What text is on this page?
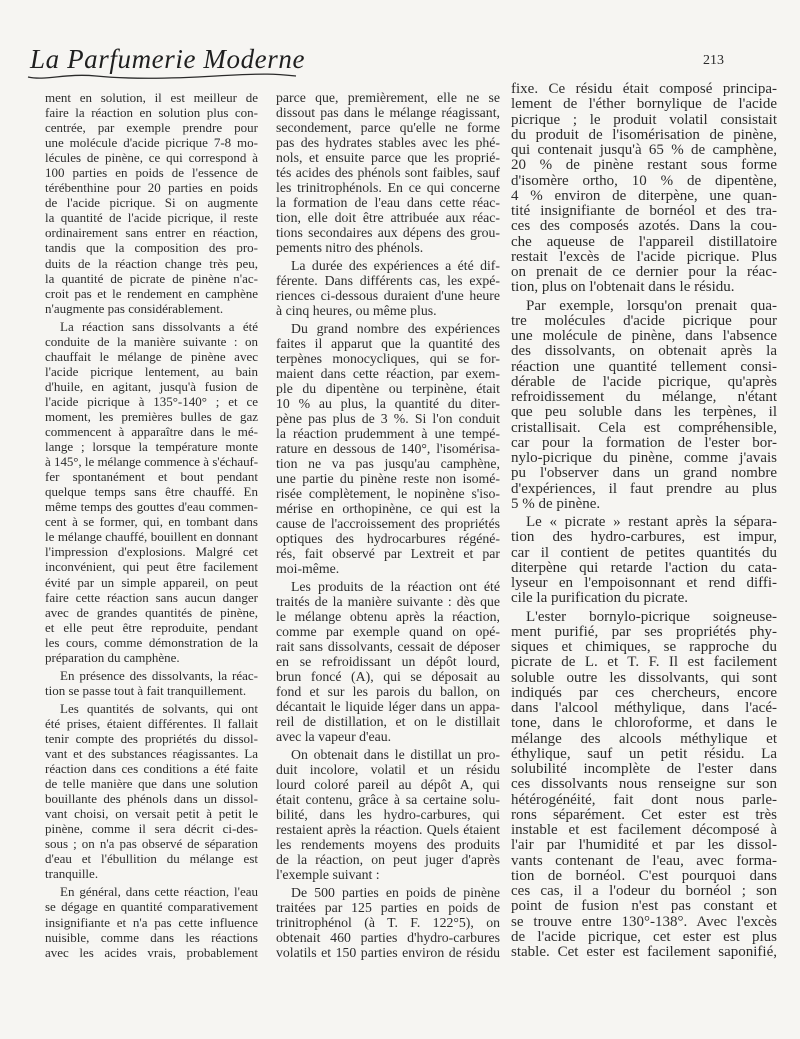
La Parfumerie Moderne	213
ment en solution, il est meilleur de
faire la réaction en solution plus con-
centrée, par exemple prendre pour
une molécule d'acide picrique 7-8 mo-
lécules de pinène, ce qui correspond à
100 parties en poids de l'essence de
térébenthine pour 20 parties en poids
de l'acide picrique. Si on augmente
la quantité de l'acide picrique, il reste
ordinairement sans entrer en réaction,
tandis que la composition des pro-
duits de la réaction change très peu,
la quantité de picrate de pinène n'ac-
croit pas et le rendement en camphène
n'augmente pas considérablement.
La réaction sans dissolvants a été
conduite de la manière suivante : on
chauffait le mélange de pinène avec
l'acide picrique lentement, au bain
d'huile, en agitant, jusqu'à fusion de
l'acide picrique à 135°-140° ; et ce
moment, les premières bulles de gaz
commencent à apparaître dans le mé-
lange ; lorsque la température monte
à 145°, le mélange commence à s'échauf-
fer spontanément et bout pendant
quelque temps sans être chauffé. En
même temps des gouttes d'eau commen-
cent à se former, qui, en tombant dans
le mélange chauffé, bouillent en donnant
l'impression d'explosions. Malgré cet
inconvénient, qui peut être facilement
évité par un simple appareil, on peut
faire cette réaction sans aucun danger
avec de grandes quantités de pinène,
et elle peut être reproduite, pendant
les cours, comme démonstration de la
préparation du camphène.
En présence des dissolvants, la réac-
tion se passe tout à fait tranquillement.
Les quantités de solvants, qui ont
été prises, étaient différentes. Il fallait
tenir compte des propriétés du dissol-
vant et des substances réagissantes. La
réaction dans ces conditions a été faite
de telle manière que dans une solution
bouillante des phénols dans un dissol-
vant choisi, on versait petit à petit le
pinène, comme il sera décrit ci-des-
sous ; on n'a pas observé de séparation
d'eau et l'ébullition du mélange est
tranquille.
En général, dans cette réaction, l'eau
se dégage en quantité comparativement
insignifiante et n'a pas cette influence
nuisible, comme dans les réactions
avec les acides vrais, probablement
parce que, premièrement, elle ne se
dissout pas dans le mélange réagissant,
secondement, parce qu'elle ne forme
pas des hydrates stables avec les phé-
nols, et ensuite parce que les proprié-
tés acides des phénols sont faibles, sauf
les trinitrophénols. En ce qui concerne
la formation de l'eau dans cette réac-
tion, elle doit être attribuée aux réac-
tions secondaires aux dépens des grou-
pements nitro des phénols.
La durée des expériences a été dif-
férente. Dans différents cas, les expé-
riences ci-dessous duraient d'une heure
à cinq heures, ou même plus.
Du grand nombre des expériences
faites il apparut que la quantité des
terpènes monocycliques, qui se for-
maient dans cette réaction, par exem-
ple du dipentène ou terpinène, était
10 % au plus, la quantité du diter-
pène pas plus de 3 %. Si l'on conduit
la réaction prudemment à une tempé-
rature en dessous de 140°, l'isomérisa-
tion ne va pas jusqu'au camphène,
une partie du pinène reste non isomé-
risée complètement, le nopinène s'iso-
mérise en orthopinène, ce qui est la
cause de l'accroissement des propriétés
optiques des hydrocarbures régéné-
rés, fait observé par Lextreit et par
moi-même.
Les produits de la réaction ont été
traités de la manière suivante : dès que
le mélange obtenu après la réaction,
comme par exemple quand on opé-
rait sans dissolvants, cessait de déposer
en se refroidissant un dépôt lourd,
brun foncé (A), qui se déposait au
fond et sur les parois du ballon, on
décantait le liquide léger dans un appa-
reil de distillation, et on le distillait
avec la vapeur d'eau.
On obtenait dans le distillat un pro-
duit incolore, volatil et un résidu
lourd coloré pareil au dépôt A, qui
était contenu, grâce à sa certaine solu-
bilité, dans les hydro-carbures, qui
restaient après la réaction. Quels étaient
les rendements moyens des produits
de la réaction, on peut juger d'après
l'exemple suivant :
De 500 parties en poids de pinène
traitées par 125 parties en poids de
trinitrophénol (à T. F. 122°5), on
obtenait 460 parties d'hydro-carbures
volatils et 150 parties environ de résidu
fixe. Ce résidu était composé principa-
lement de l'éther bornylique de l'acide
picrique ; le produit volatil consistait
du produit de l'isomérisation de pinène,
qui contenait jusqu'à 65 % de camphène,
20 % de pinène restant sous forme
d'isomère ortho, 10 % de dipentène,
4 % environ de diterpène, une quan-
tité insignifiante de bornéol et des tra-
ces des composés azotés. Dans la cou-
che aqueuse de l'appareil distillatoire
restait l'excès de l'acide picrique. Plus
on prenait de ce dernier pour la réac-
tion, plus on l'obtenait dans le résidu.
Par exemple, lorsqu'on prenait qua-
tre molécules d'acide picrique pour
une molécule de pinène, dans l'absence
des dissolvants, on obtenait après la
réaction une quantité tellement consi-
dérable de l'acide picrique, qu'après
refroidissement du mélange, n'étant
que peu soluble dans les terpènes, il
cristallisait. Cela est compréhensible,
car pour la formation de l'ester bor-
nylo-picrique du pinène, comme j'avais
pu l'observer dans un grand nombre
d'expériences, il faut prendre au plus
5 % de pinène.
Le « picrate » restant après la sépara-
tion des hydro-carbures, est impur,
car il contient de petites quantités du
diterpène qui retarde l'action du cata-
lyseur en l'empoisonnant et rend diffi-
cile la purification du picrate.
L'ester bornylo-picrique soigneuse-
ment purifié, par ses propriétés phy-
siques et chimiques, se rapproche du
picrate de L. et T. F. Il est facilement
soluble outre les dissolvants, qui sont
indiqués par ces chercheurs, encore
dans l'alcool méthylique, dans l'acé-
tone, dans le chloroforme, et dans le
mélange des alcools méthylique et
éthylique, sauf un petit résidu. La
solubilité incomplète de l'ester dans
ces dissolvants nous renseigne sur son
hétérogénéité, fait dont nous parle-
rons séparément. Cet ester est très
instable et est facilement décomposé à
l'air par l'humidité et par les dissol-
vants contenant de l'eau, avec forma-
tion de bornéol. C'est pourquoi dans
ces cas, il a l'odeur du bornéol ; son
point de fusion n'est pas constant et
se trouve entre 130°-138°. Avec l'excès
de l'acide picrique, cet ester est plus
stable. Cet ester est facilement saponifié,
